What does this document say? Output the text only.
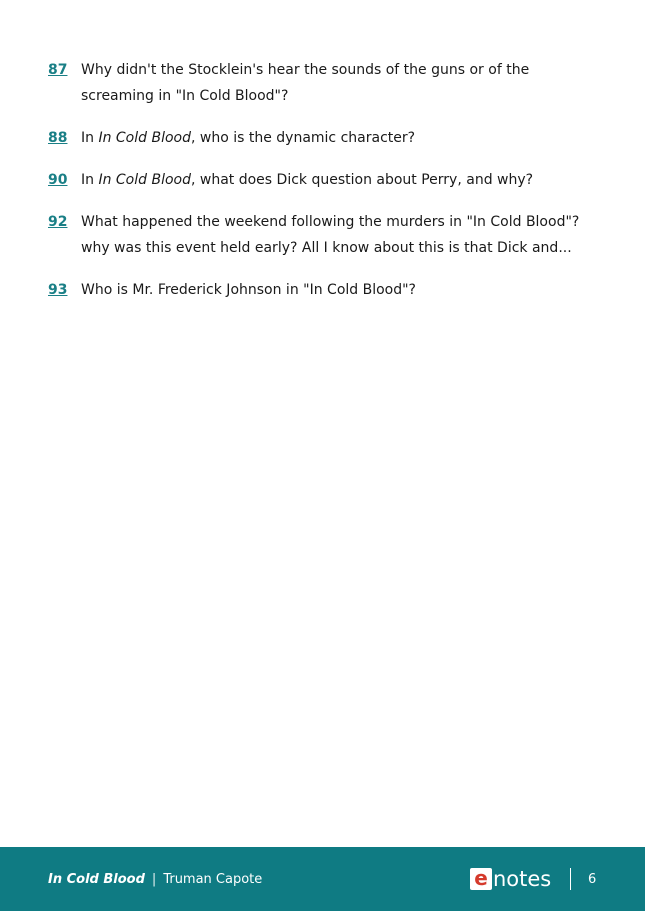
87 Why didn't the Stocklein's hear the sounds of the guns or of the screaming in "In Cold Blood"?
88 In In Cold Blood, who is the dynamic character?
90 In In Cold Blood, what does Dick question about Perry, and why?
92 What happened the weekend following the murders in "In Cold Blood"?why was this event held early? All I know about this is that Dick and...
93 Who is Mr. Frederick Johnson in "In Cold Blood"?
In Cold Blood | Truman Capote	e notes	6
